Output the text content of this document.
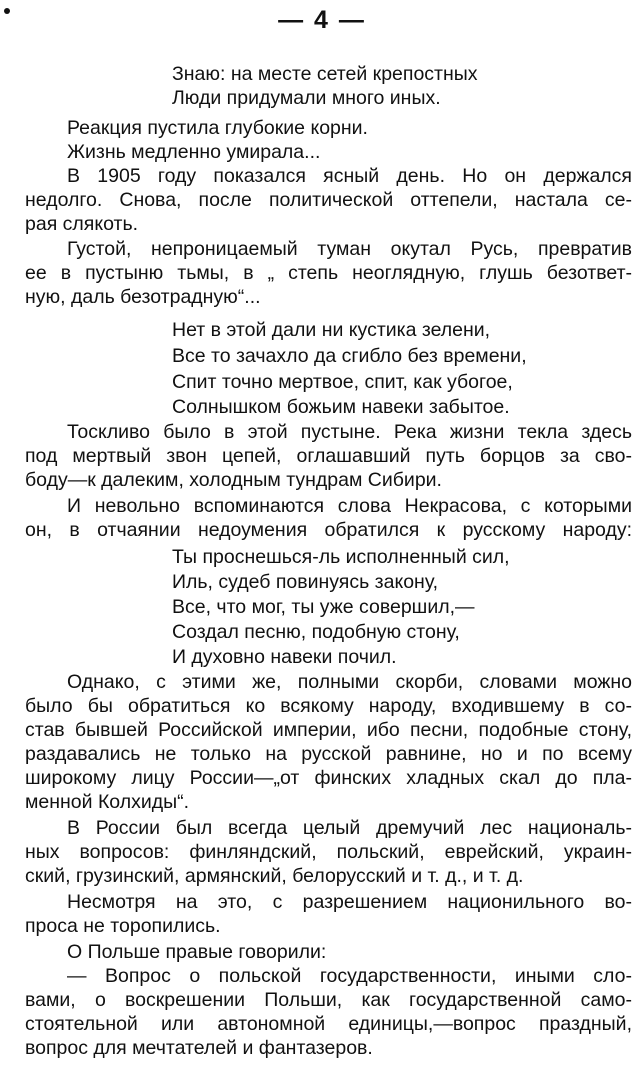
— 4 —
Знаю: на месте сетей крепостных
Люди придумали много иных.
Реакция пустила глубокие корни.
Жизнь медленно умирала...
В 1905 году показался ясный день. Но он держался
недолго. Снова, после политической оттепели, настала се-
рая слякоть.
Густой, непроницаемый туман окутал Русь, превратив
ее в пустыню тьмы, в „ степь неоглядную, глушь безответ-
ную, даль безотрадную“...
Нет в этой дали ни кустика зелени,
Все то зачахло да сгибло без времени,
Спит точно мертвое, спит, как убогое,
Солнышком божьим навеки забытое.
Тоскливо было в этой пустыне. Река жизни текла здесь
под мертвый звон цепей, оглашавший путь борцов за сво-
боду—к далеким, холодным тундрам Сибири.
И невольно вспоминаются слова Некрасова, с которыми
он, в отчаянии недоумения обратился к русскому народу:
Ты проснешься-ль исполненный сил,
Иль, судеб повинуясь закону,
Все, что мог, ты уже совершил,—
Создал песню, подобную стону,
И духовно навеки почил.
Однако, с этими же, полными скорби, словами можно
было бы обратиться ко всякому народу, входившему в со-
став бывшей Российской империи, ибо песни, подобные стону,
раздавались не только на русской равнине, но и по всему
широкому лицу России—„от финских хладных скал до пла-
менной Колхиды“.
В России был всегда целый дремучий лес националь-
ных вопросов: финляндский, польский, еврейский, украин-
ский, грузинский, армянский, белорусский и т. д., и т. д.
Несмотря на это, с разрешением национильного во-
проса не торопились.
О Польше правые говорили:
— Вопрос о польской государственности, иными сло-
вами, о воскрешении Польши, как государственной само-
стоятельной или автономной единицы,—вопрос праздный,
вопрос для мечтателей и фантазеров.
